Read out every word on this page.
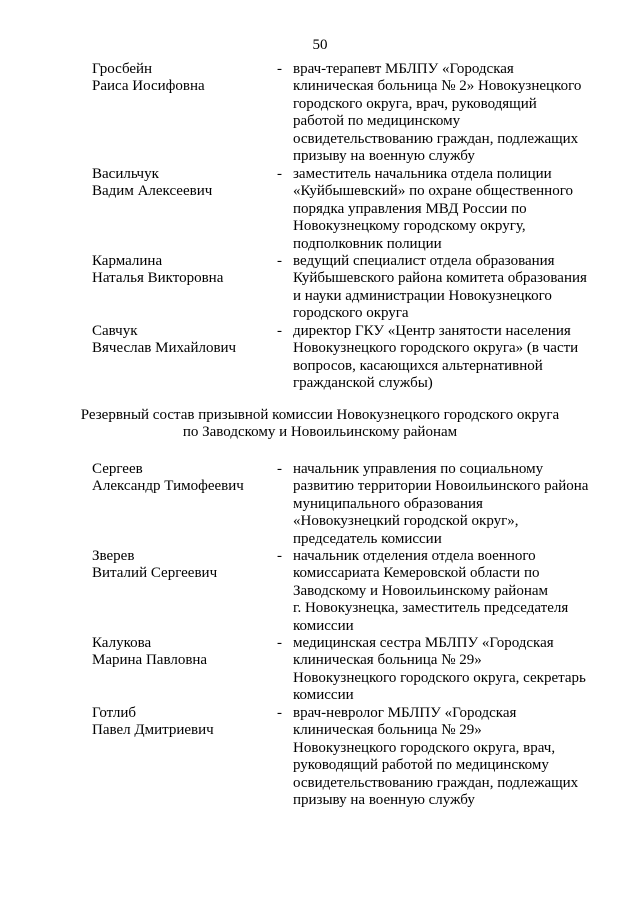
50
Гросбейн
Раиса Иосифовна
- врач-терапевт МБЛПУ «Городская
клиническая больница № 2» Новокузнецкого
городского округа, врач, руководящий
работой по медицинскому
освидетельствованию граждан, подлежащих
призыву на военную службу
Васильчук
Вадим Алексеевич
- заместитель начальника отдела полиции
«Куйбышевский» по охране общественного
порядка управления МВД России по
Новокузнецкому городскому округу,
подполковник полиции
Кармалина
Наталья Викторовна
- ведущий специалист отдела образования
Куйбышевского района комитета образования
и науки администрации Новокузнецкого
городского округа
Савчук
Вячеслав Михайлович
- директор ГКУ «Центр занятости населения
Новокузнецкого городского округа» (в части
вопросов, касающихся альтернативной
гражданской службы)
Резервный состав призывной комиссии Новокузнецкого городского округа
по Заводскому и Новоильинскому районам
Сергеев
Александр Тимофеевич
- начальник управления по социальному
развитию территории Новоильинского района
муниципального образования
«Новокузнецкий городской округ»,
председатель комиссии
Зверев
Виталий Сергеевич
- начальник отделения отдела военного
комиссариата Кемеровской области по
Заводскому и Новоильинскому районам
г. Новокузнецка, заместитель председателя
комиссии
Калукова
Марина Павловна
- медицинская сестра МБЛПУ «Городская
клиническая больница № 29»
Новокузнецкого городского округа, секретарь
комиссии
Готлиб
Павел Дмитриевич
- врач-невролог МБЛПУ «Городская
клиническая больница № 29»
Новокузнецкого городского округа, врач,
руководящий работой по медицинскому
освидетельствованию граждан, подлежащих
призыву на военную службу
